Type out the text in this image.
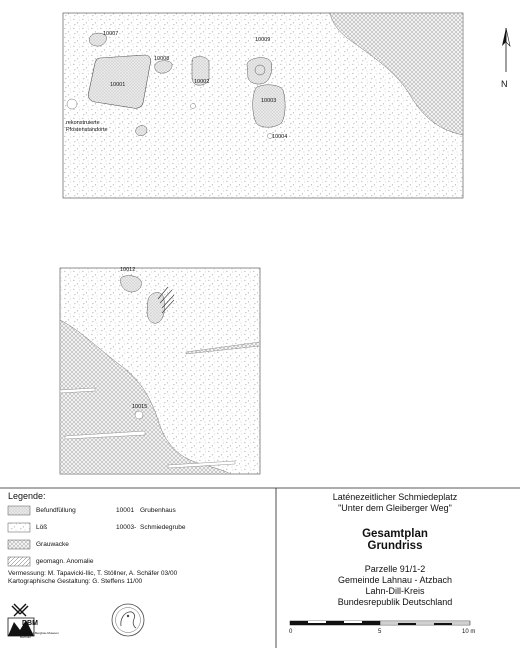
N
10007
10008
10001	10002
10009
10003
10004
rekonstruierte
Pfostenstandorte
10012
10015
Legende:
Befundfüllung
Löß
Grauwacke
geomagn. Anomalie
10001 Grubenhaus
10003- Schmiedegrube
Vermessung: M. Tapavicki-Ilic, T. Stöllner, A. Schäfer 03/00
Kartographische Gestaltung: G. Steffens 11/00
Laténezeitlicher Schmiedeplatz
"Unter dem Gleiberger Weg"
Gesamtplan
Grundriss
Parzelle 91/1-2
Gemeinde Lahnau - Atzbach
Lahn-Dill-Kreis
Bundesrepublik Deutschland
0	5	10 m
DBM
Deutsches Bergbau-Museum
Bochum
